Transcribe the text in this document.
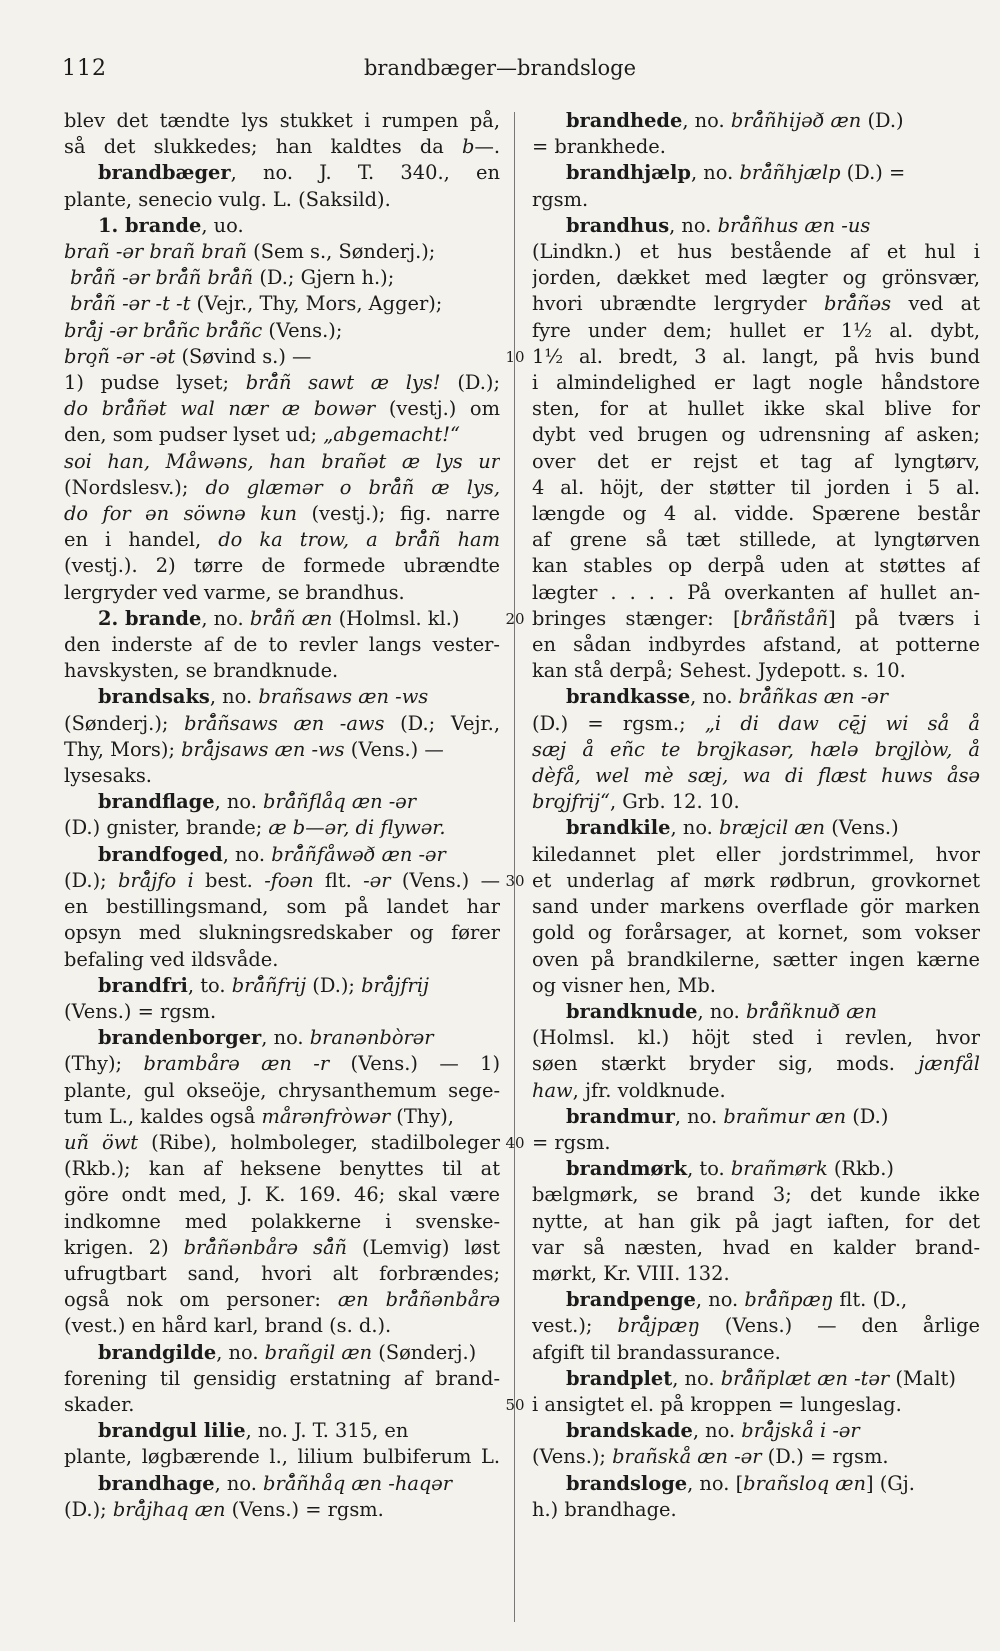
112	brandbæger—brandsloge
blev det tændte lys stukket i rumpen på,
så det slukkedes; han kaldtes da b—.
brandbæger, no. J. T. 340., en
plante, senecio vulg. L. (Saksild).
1. brande, uo.
brañ -ər brañ brañ (Sem s., Sønderj.);
brå̄ñ -ər brå̄ñ brå̄ñ (D.; Gjern h.);
brå̄ñ -ər -t -t (Vejr., Thy, Mors, Agger);
brå̄j -ər brå̄ñc brå̄ñc (Vens.);
bro̧ñ -ər -ət (Søvind s.) —
1) pudse lyset; brå̄ñ sawt æ lys! (D.);
do brå̄ñət wal nær æ bowər (vestj.) om
den, som pudser lyset ud; „abgemacht!“
soi han, Måwəns, han brañət æ lys ur
(Nordslesv.); do glæmər o brå̄ñ æ lys,
do for ən söwnə kun (vestj.); fig. narre
en i handel, do ka trow, a brå̄ñ ham
(vestj.). 2) tørre de formede ubrændte
lergryder ved varme, se brandhus.
2. brande, no. brå̄ñ æn (Holmsl. kl.)
den inderste af de to revler langs vester-
havskysten, se brandknude.
brandsaks, no. brañsaws æn -ws
(Sønderj.); brå̄ñsaws æn -aws (D.; Vejr.,
Thy, Mors); brå̄jsaws æn -ws (Vens.) —
lysesaks.
brandflage, no. brå̄ñflåq æn -ər
(D.) gnister, brande; æ b—ər, di flywər.
brandfoged, no. brå̄ñfåwəð æn -ər
(D.); brå̄jfo i best. -foən flt. -ər (Vens.) —
en bestillingsmand, som på landet har
opsyn med slukningsredskaber og fører
befaling ved ildsvåde.
brandfri, to. brå̄ñfrij (D.); brå̄jfrij
(Vens.) = rgsm.
brandenborger, no. branənbòrər
(Thy); brambårə æn -r (Vens.) — 1)
plante, gul okseöje, chrysanthemum sege-
tum L., kaldes også mårənfròwər (Thy),
uñ öwt (Ribe), holmboleger, stadilboleger
(Rkb.); kan af heksene benyttes til at
göre ondt med, J. K. 169. 46; skal være
indkomne med polakkerne i svenske-
krigen. 2) brå̄ñənbårə så̄ñ (Lemvig) løst
ufrugtbart sand, hvori alt forbrændes;
også nok om personer: æn brå̄ñənbårə
(vest.) en hård karl, brand (s. d.).
brandgilde, no. brañgil æn (Sønderj.)
forening til gensidig erstatning af brand-
skader.
brandgul lilie, no. J. T. 315, en
plante, løgbærende l., lilium bulbiferum L.
brandhage, no. brå̄ñhåq æn -haqər
(D.); brå̄jhaq æn (Vens.) = rgsm.
brandhede, no. brå̄ñhijəð æn (D.)
= brankhede.
brandhjælp, no. brå̄ñhjælp (D.) =
rgsm.
brandhus, no. brå̄ñhus æn -us
(Lindkn.) et hus bestående af et hul i
jorden, dækket med lægter og grönsvær,
hvori ubrændte lergryder brå̄ñəs ved at
fyre under dem; hullet er 1½ al. dybt,
1½ al. bredt, 3 al. langt, på hvis bund
i almindelighed er lagt nogle håndstore
sten, for at hullet ikke skal blive for
dybt ved brugen og udrensning af asken;
over det er rejst et tag af lyngtørv,
4 al. höjt, der støtter til jorden i 5 al.
længde og 4 al. vidde. Spærene består
af grene så tæt stillede, at lyngtørven
kan stables op derpå uden at støttes af
lægter . . . . På overkanten af hullet an-
bringes stænger: [brå̄ñståñ] på tværs i
en sådan indbyrdes afstand, at potterne
kan stå derpå; Sehest. Jydepott. s. 10.
brandkasse, no. brå̄ñkas æn -ər
(D.) = rgsm.; „i di daw cę̄j wi så å
sæj å eñc te bro̧jkasər, hælə bro̧jlòw, å
dèfå, wel mè sæj, wa di fl̄æst huws åsə
bro̧jfrij“, Grb. 12. 10.
brandkile, no. bræjcil æn (Vens.)
kiledannet plet eller jordstrimmel, hvor
et underlag af mørk rødbrun, grovkornet
sand under markens overflade gör marken
gold og forårsager, at kornet, som vokser
oven på brandkilerne, sætter ingen kærne
og visner hen, Mb.
brandknude, no. brå̄ñknuð æn
(Holmsl. kl.) höjt sted i revlen, hvor
søen stærkt bryder sig, mods. jænfål
haw, jfr. voldknude.
brandmur, no. brañmur æn (D.)
= rgsm.
brandmørk, to. brañmørk (Rkb.)
bælgmørk, se brand 3; det kunde ikke
nytte, at han gik på jagt iaften, for det
var så næsten, hvad en kalder brand-
mørkt, Kr. VIII. 132.
brandpenge, no. brå̄ñpæŋ flt. (D.,
vest.); brå̄jpæŋ (Vens.) — den årlige
afgift til brandassurance.
brandplet, no. brå̄ñplæt æn -tər (Malt)
i ansigtet el. på kroppen = lungeslag.
brandskade, no. brå̄jskå i -ər
(Vens.); brañskå æn -ər (D.) = rgsm.
brandsloge, no. [brañsloq æn] (Gj.
h.) brandhage.
10
20
30
40
50
